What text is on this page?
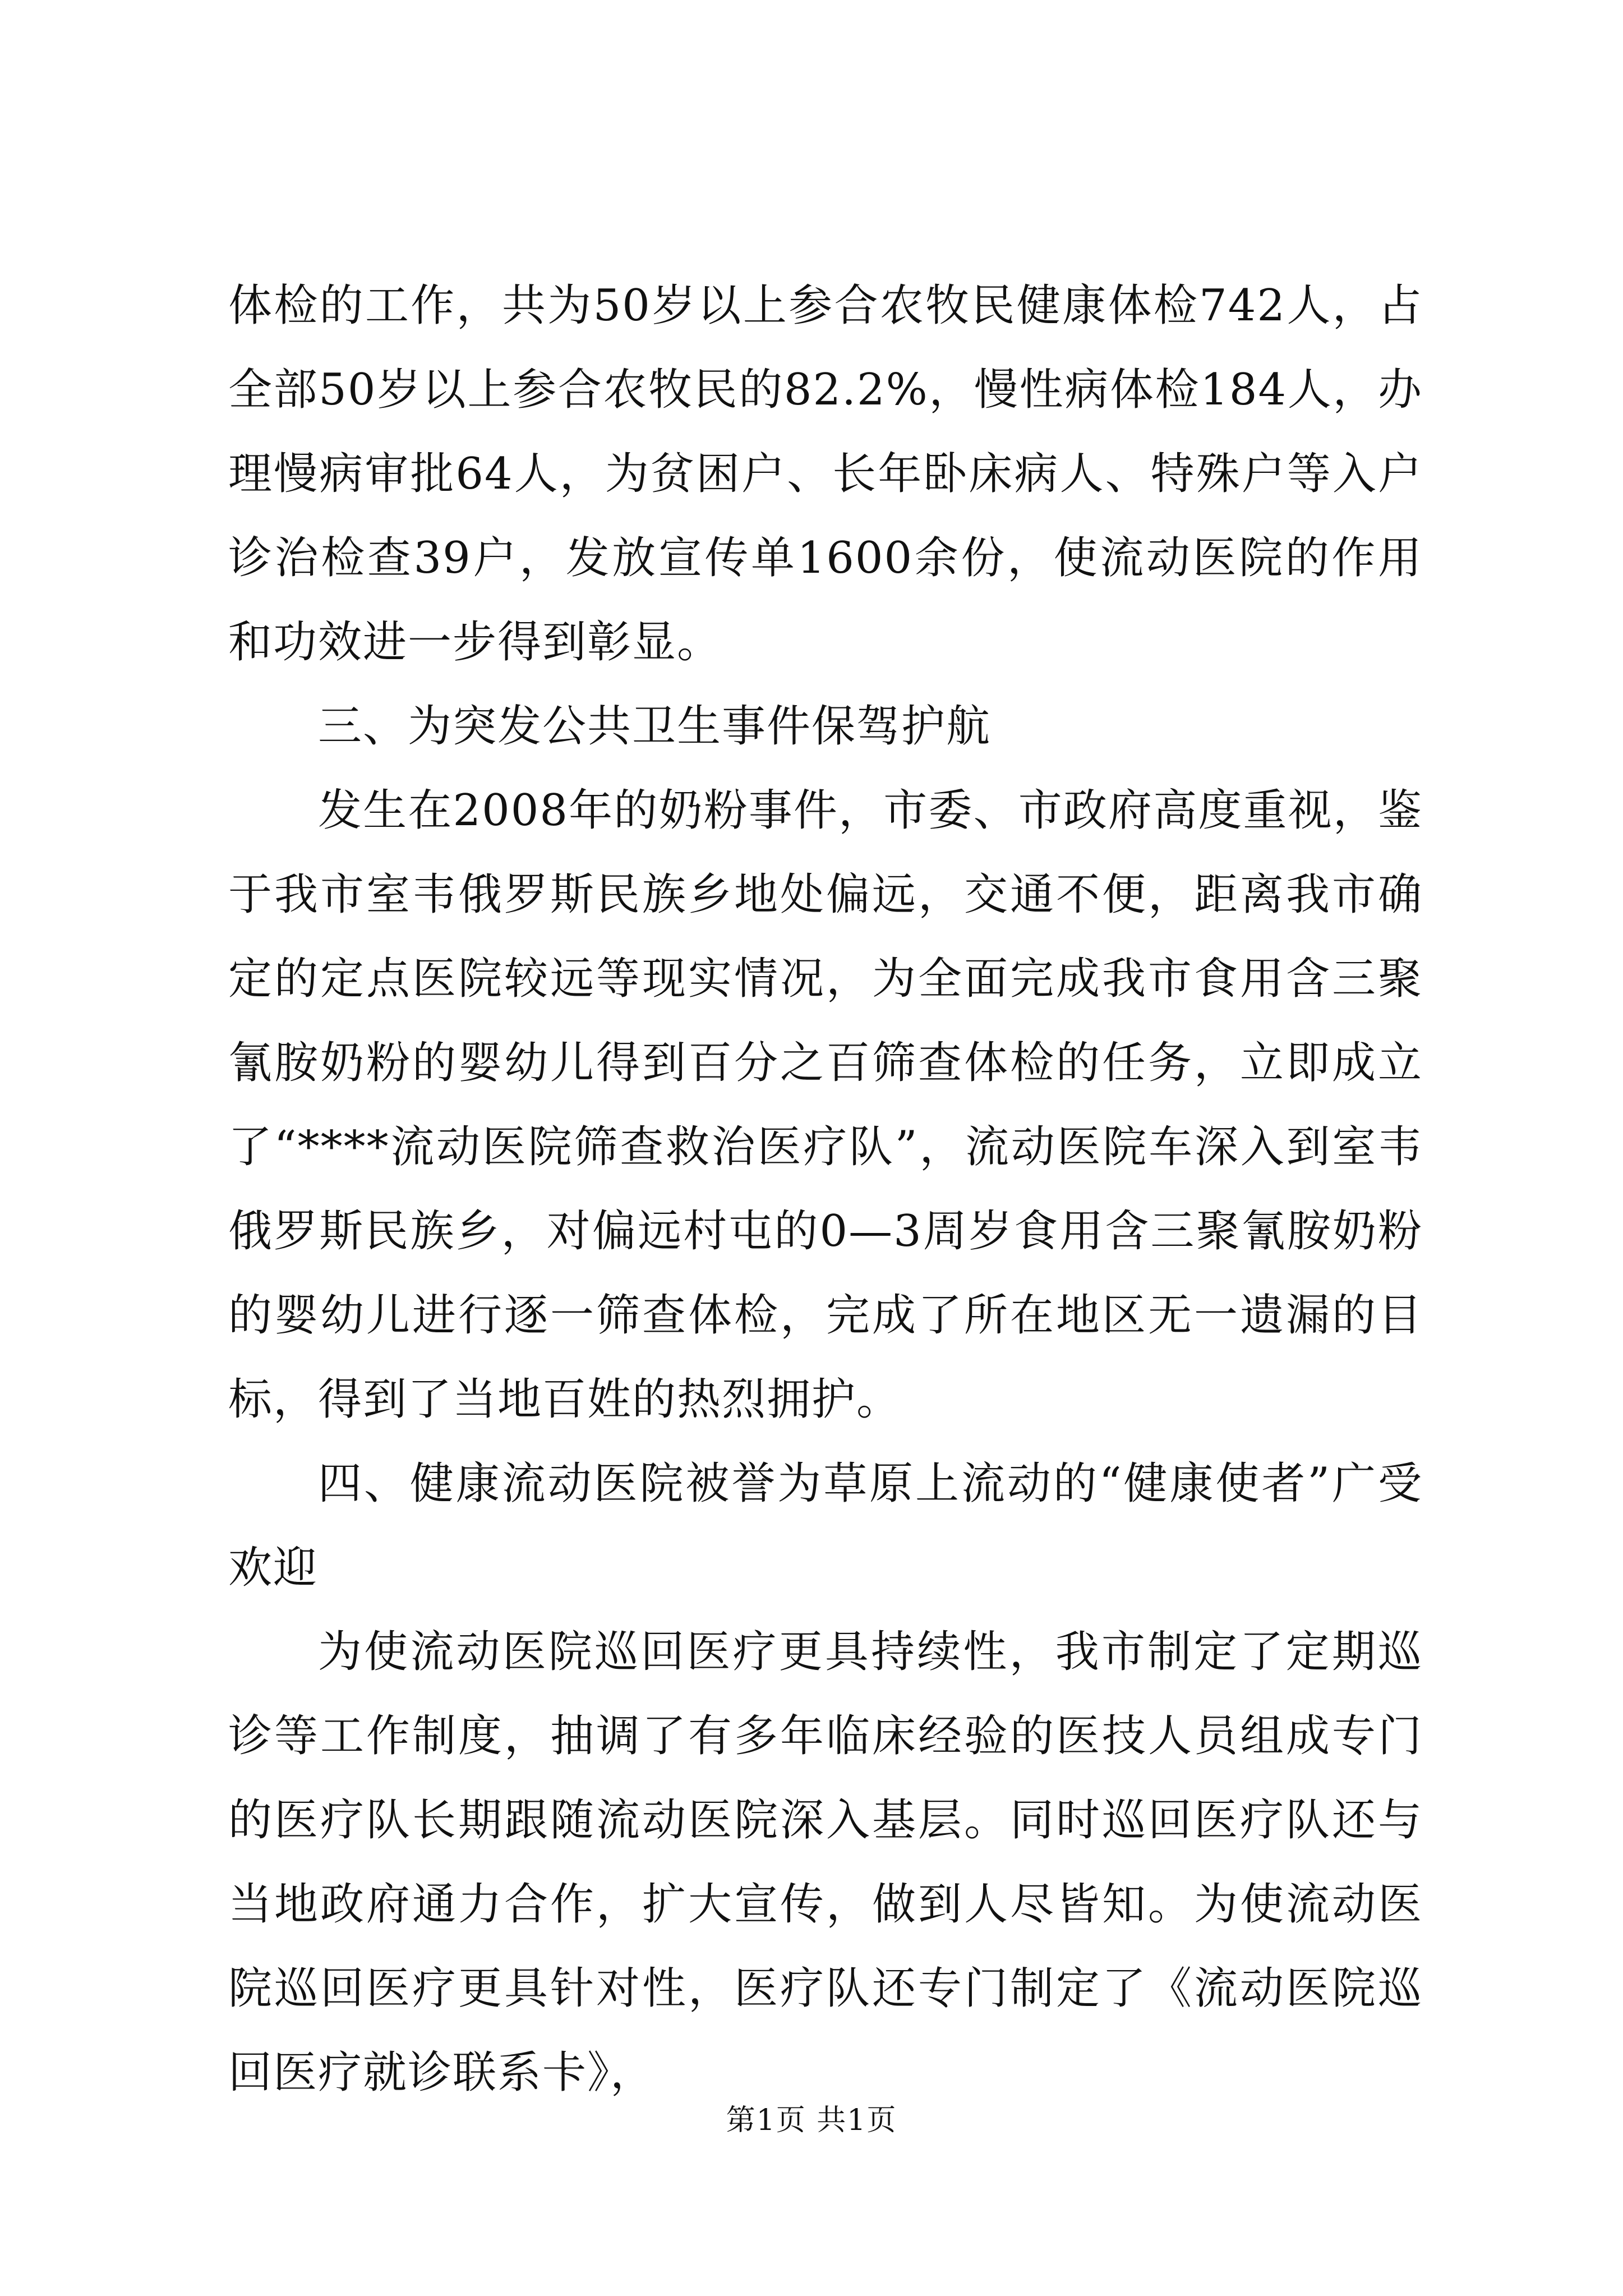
体检的工作，共为50岁以上参合农牧民健康体检742人，占全部50岁以上参合农牧民的82.2%，慢性病体检184人，办理慢病审批64人，为贫困户、长年卧床病人、特殊户等入户诊治检查39户，发放宣传单1600余份，使流动医院的作用和功效进一步得到彰显。

三、为突发公共卫生事件保驾护航

发生在2008年的奶粉事件，市委、市政府高度重视，鉴于我市室韦俄罗斯民族乡地处偏远，交通不便，距离我市确定的定点医院较远等现实情况，为全面完成我市食用含三聚氰胺奶粉的婴幼儿得到百分之百筛查体检的任务，立即成立了“****流动医院筛查救治医疗队”，流动医院车深入到室韦俄罗斯民族乡，对偏远村屯的0—3周岁食用含三聚氰胺奶粉的婴幼儿进行逐一筛查体检，完成了所在地区无一遗漏的目标，得到了当地百姓的热烈拥护。

四、健康流动医院被誉为草原上流动的“健康使者”广受欢迎

为使流动医院巡回医疗更具持续性，我市制定了定期巡诊等工作制度，抽调了有多年临床经验的医技人员组成专门的医疗队长期跟随流动医院深入基层。同时巡回医疗队还与当地政府通力合作，扩大宣传，做到人尽皆知。为使流动医院巡回医疗更具针对性，医疗队还专门制定了《流动医院巡回医疗就诊联系卡》，

第1页 共1页
